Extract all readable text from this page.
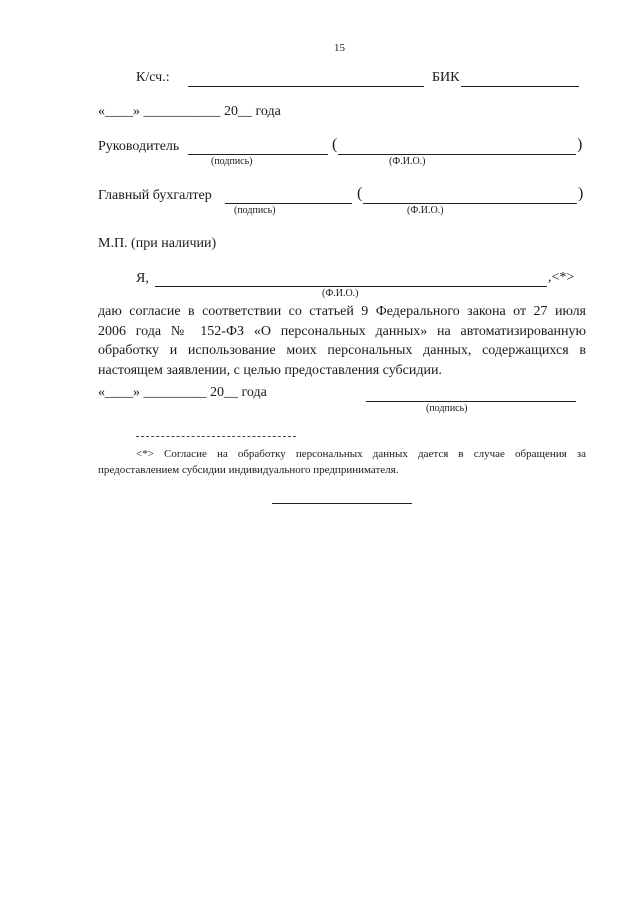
15
К/сч.:	БИК
«____» ___________ 20__ года
Руководитель	(	)
(подпись)	(Ф.И.О.)
Главный бухгалтер	(	)
(подпись)	(Ф.И.О.)
М.П. (при наличии)
Я,	,<*>
(Ф.И.О.)
даю согласие в соответствии со статьей 9 Федерального закона от 27 июля
2006 года № 152-ФЗ «О персональных данных» на автоматизированную
обработку и использование моих персональных данных, содержащихся в
настоящем заявлении, с целью предоставления субсидии.
«____» _________ 20__ года
(подпись)
<*> Согласие на обработку персональных данных дается в случае обращения за предоставлением субсидии индивидуального предпринимателя.
